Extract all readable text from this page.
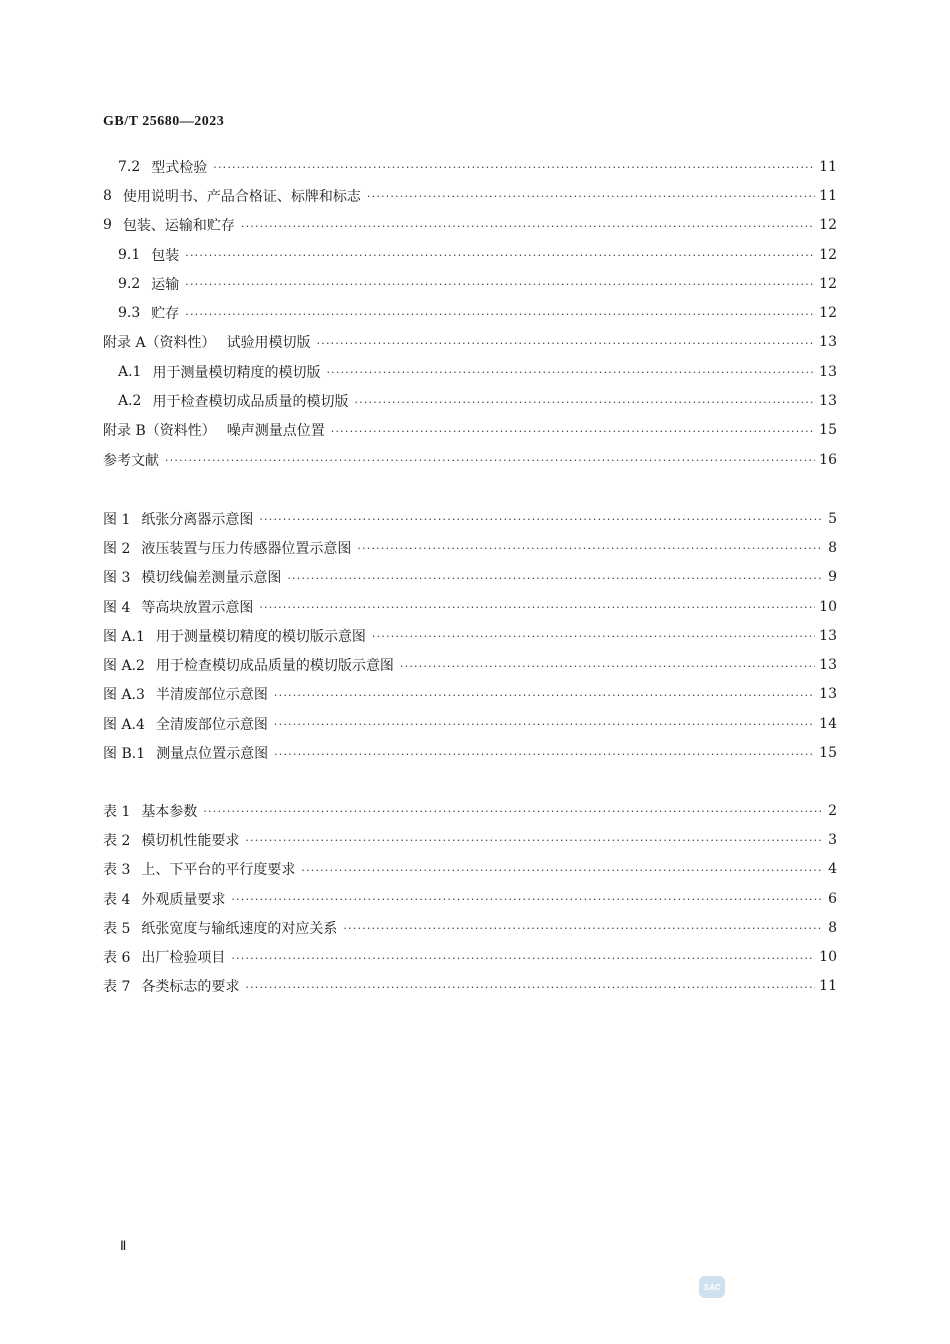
GB/T 25680—2023
7.2 型式检验 ·····	11
8 使用说明书、产品合格证、标牌和标志 ·····	11
9 包装、运输和贮存 ·····	12
9.1 包装 ·····	12
9.2 运输 ·····	12
9.3 贮存 ·····	12
附录 A（资料性） 试验用模切版 ·····	13
A.1 用于测量模切精度的模切版 ·····	13
A.2 用于检查模切成品质量的模切版 ·····	13
附录 B（资料性） 噪声测量点位置 ·····	15
参考文献 ·····	16
图 1 纸张分离器示意图 ·····	5
图 2 液压装置与压力传感器位置示意图 ·····	8
图 3 模切线偏差测量示意图 ·····	9
图 4 等高块放置示意图 ·····	10
图 A.1 用于测量模切精度的模切版示意图 ·····	13
图 A.2 用于检查模切成品质量的模切版示意图 ·····	13
图 A.3 半清废部位示意图 ·····	13
图 A.4 全清废部位示意图 ·····	14
图 B.1 测量点位置示意图 ·····	15
表 1 基本参数 ·····	2
表 2 模切机性能要求 ·····	3
表 3 上、下平台的平行度要求 ·····	4
表 4 外观质量要求 ·····	6
表 5 纸张宽度与输纸速度的对应关系 ·····	8
表 6 出厂检验项目 ·····	10
表 7 各类标志的要求 ·····	11
Ⅱ
SAC
